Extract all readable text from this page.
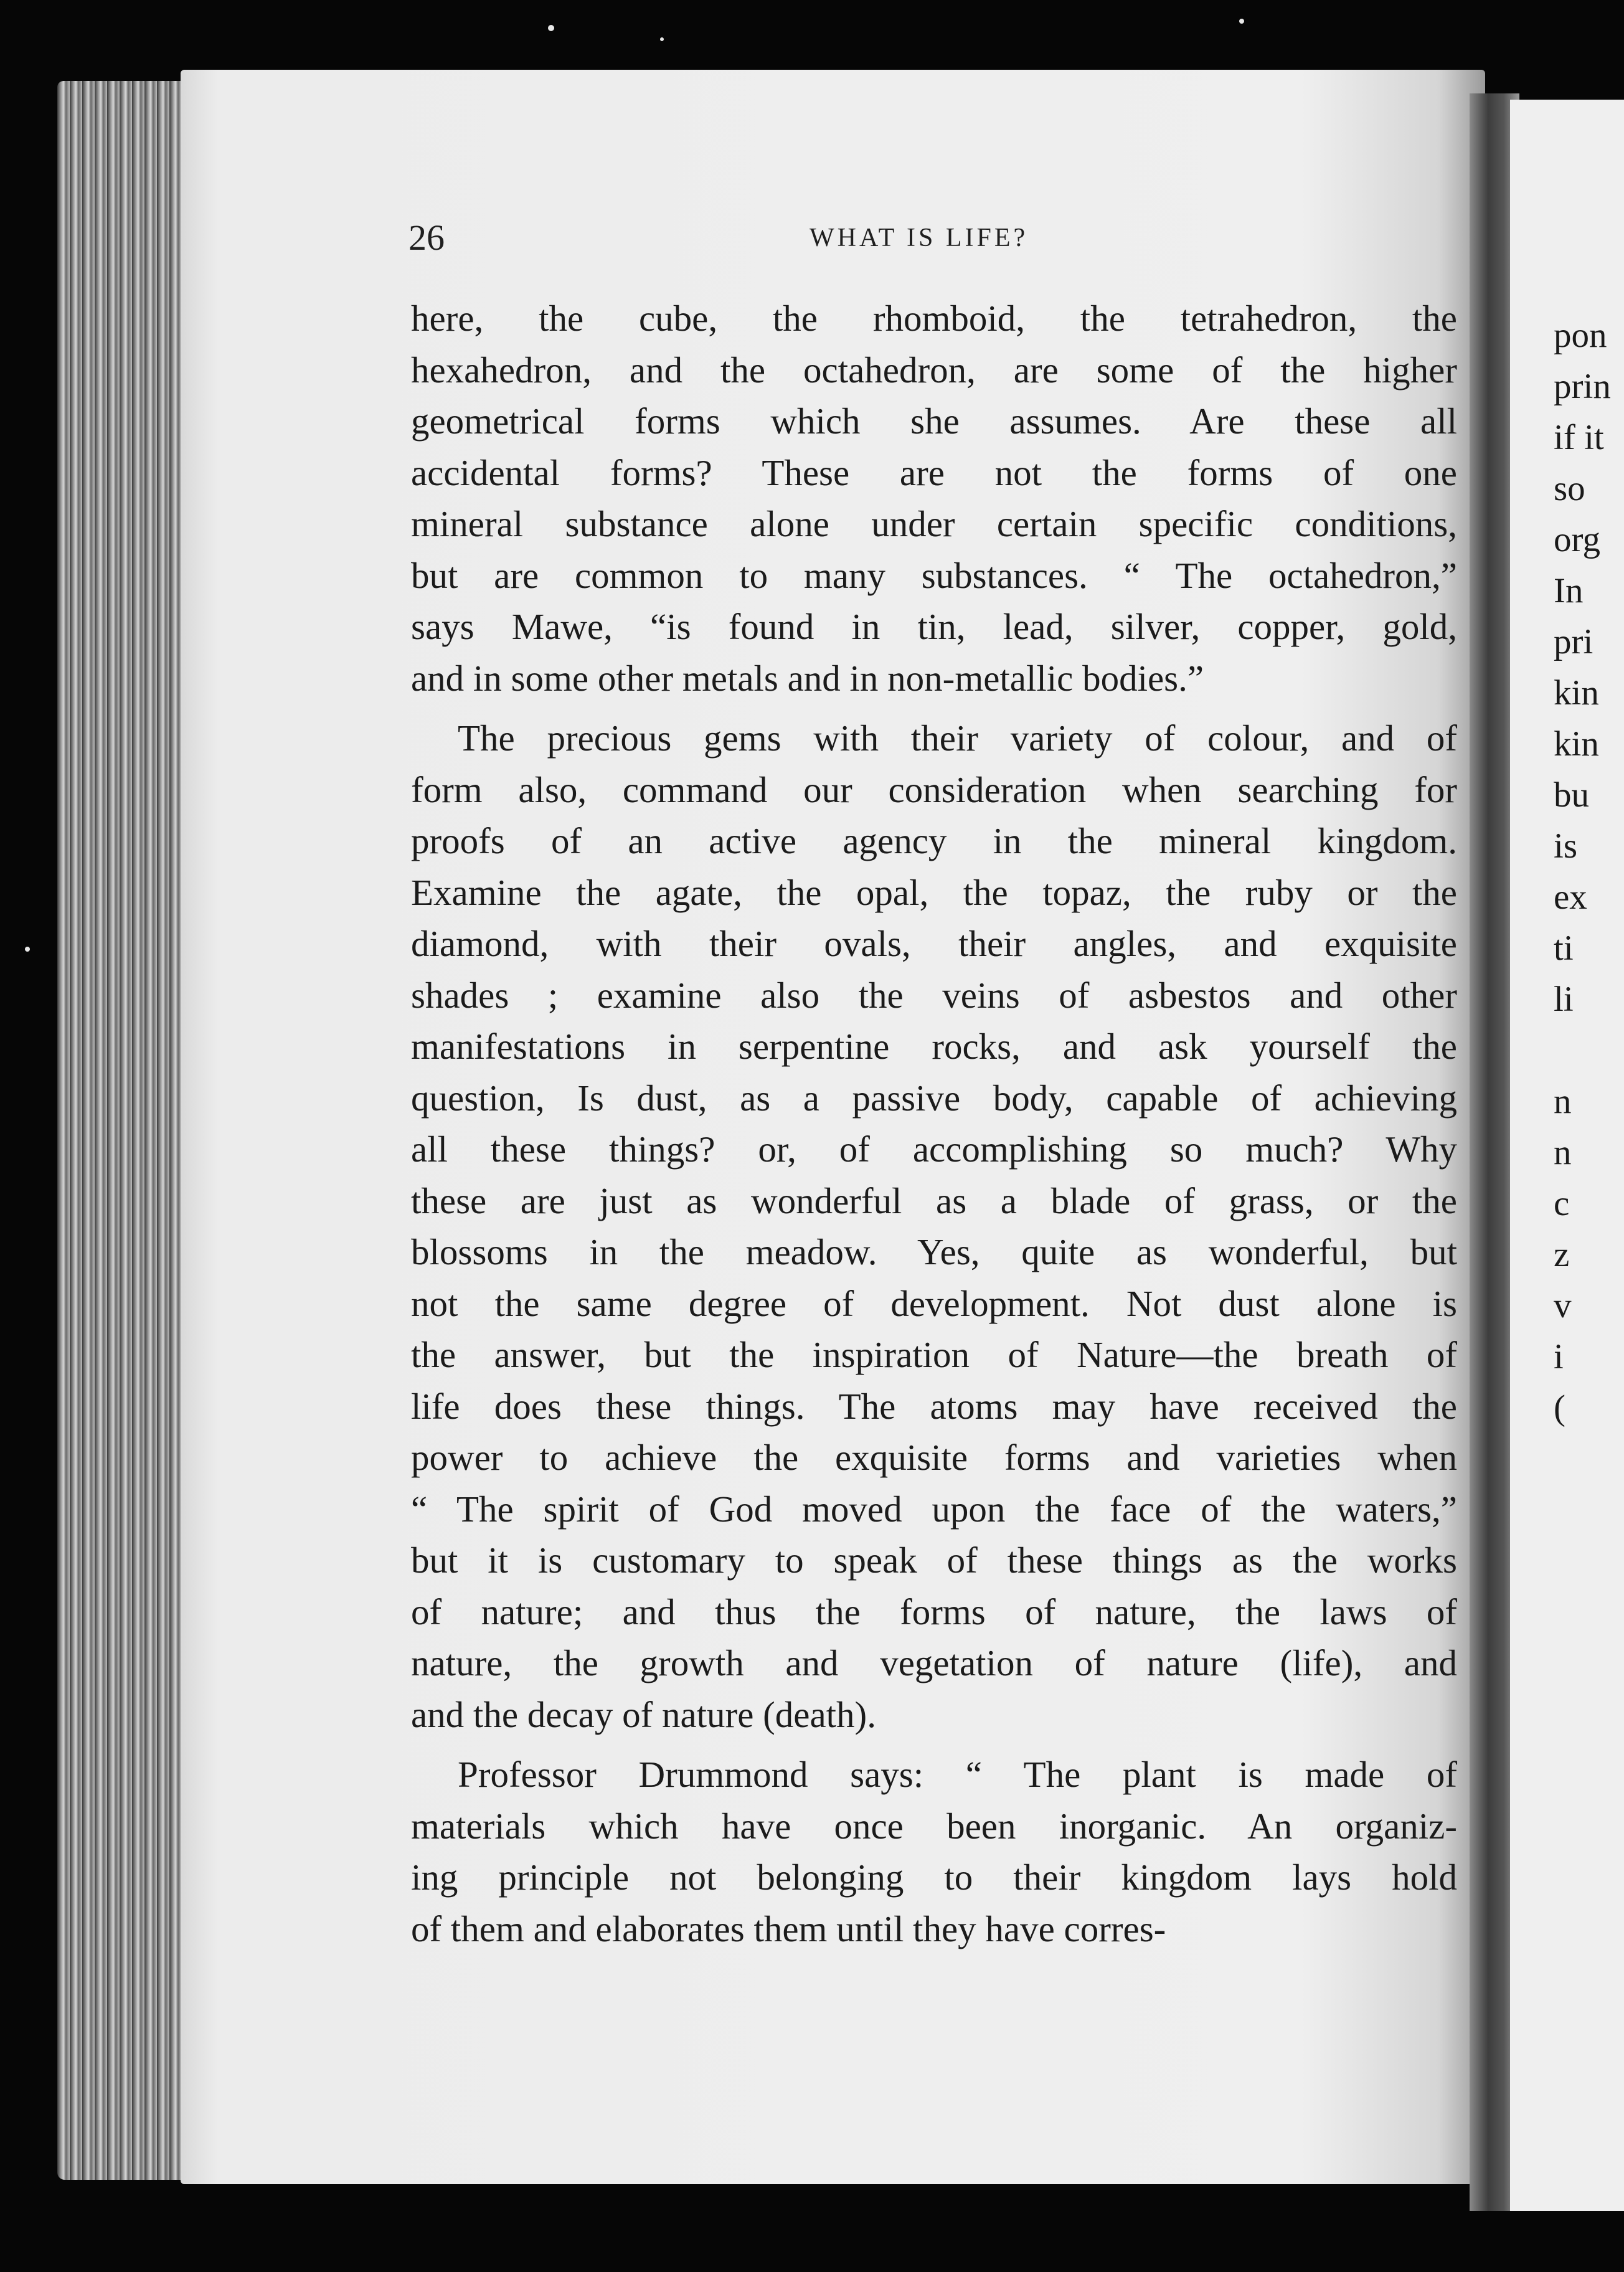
26	WHAT IS LIFE?
here, the cube, the rhomboid, the tetrahedron, the
hexahedron, and the octahedron, are some of the higher
geometrical forms which she assumes. Are these all
accidental forms? These are not the forms of one
mineral substance alone under certain specific conditions,
but are common to many substances. “ The octahedron,”
says Mawe, “is found in tin, lead, silver, copper, gold,
and in some other metals and in non-metallic bodies.”
The precious gems with their variety of colour, and of
form also, command our consideration when searching for
proofs of an active agency in the mineral kingdom.
Examine the agate, the opal, the topaz, the ruby or the
diamond, with their ovals, their angles, and exquisite
shades ; examine also the veins of asbestos and other
manifestations in serpentine rocks, and ask yourself the
question, Is dust, as a passive body, capable of achieving
all these things? or, of accomplishing so much? Why
these are just as wonderful as a blade of grass, or the
blossoms in the meadow. Yes, quite as wonderful, but
not the same degree of development. Not dust alone is
the answer, but the inspiration of Nature—the breath of
life does these things. The atoms may have received the
power to achieve the exquisite forms and varieties when
“ The spirit of God moved upon the face of the waters,”
but it is customary to speak of these things as the works
of nature; and thus the forms of nature, the laws of
nature, the growth and vegetation of nature (life), and
and the decay of nature (death).
Professor Drummond says: “ The plant is made of
materials which have once been inorganic. An organiz-
ing principle not belonging to their kingdom lays hold
of them and elaborates them until they have corres-
pon
prin
if it
so
org
In
pri
kin
kin
bu
is
ex
ti
li
n
n
c
z
v
i
(
